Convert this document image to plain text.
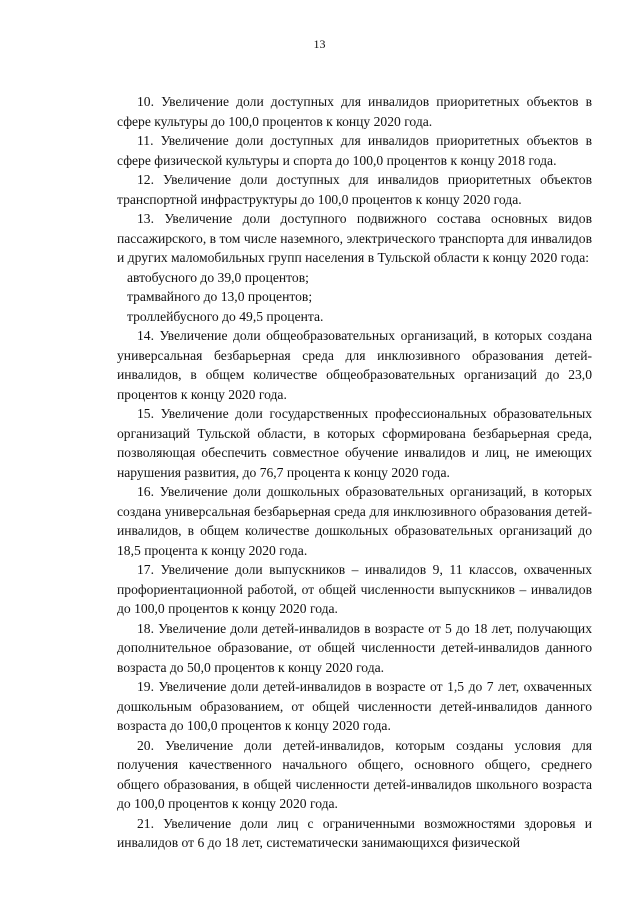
13

10. Увеличение доли доступных для инвалидов приоритетных объектов в сфере культуры до 100,0 процентов к концу 2020 года.

11. Увеличение доли доступных для инвалидов приоритетных объектов в сфере физической культуры и спорта до 100,0 процентов к концу 2018 года.

12. Увеличение доли доступных для инвалидов приоритетных объектов транспортной инфраструктуры до 100,0 процентов к концу 2020 года.

13. Увеличение доли доступного подвижного состава основных видов пассажирского, в том числе наземного, электрического транспорта для инвалидов и других маломобильных групп населения в Тульской области к концу 2020 года:

автобусного до 39,0 процентов;

трамвайного до 13,0 процентов;

троллейбусного до 49,5 процента.

14. Увеличение доли общеобразовательных организаций, в которых создана универсальная безбарьерная среда для инклюзивного образования детей-инвалидов, в общем количестве общеобразовательных организаций до 23,0 процентов к концу 2020 года.

15. Увеличение доли государственных профессиональных образовательных организаций Тульской области, в которых сформирована безбарьерная среда, позволяющая обеспечить совместное обучение инвалидов и лиц, не имеющих нарушения развития, до 76,7 процента к концу 2020 года.

16. Увеличение доли дошкольных образовательных организаций, в которых создана универсальная безбарьерная среда для инклюзивного образования детей-инвалидов, в общем количестве дошкольных образовательных организаций до 18,5 процента к концу 2020 года.

17. Увеличение доли выпускников – инвалидов 9, 11 классов, охваченных профориентационной работой, от общей численности выпускников – инвалидов до 100,0 процентов к концу 2020 года.

18. Увеличение доли детей-инвалидов в возрасте от 5 до 18 лет, получающих дополнительное образование, от общей численности детей-инвалидов данного возраста до 50,0 процентов к концу 2020 года.

19. Увеличение доли детей-инвалидов в возрасте от 1,5 до 7 лет, охваченных дошкольным образованием, от общей численности детей-инвалидов данного возраста до 100,0 процентов к концу 2020 года.

20. Увеличение доли детей-инвалидов, которым созданы условия для получения качественного начального общего, основного общего, среднего общего образования, в общей численности детей-инвалидов школьного возраста до 100,0 процентов к концу 2020 года.

21. Увеличение доли лиц с ограниченными возможностями здоровья и инвалидов от 6 до 18 лет, систематически занимающихся физической
